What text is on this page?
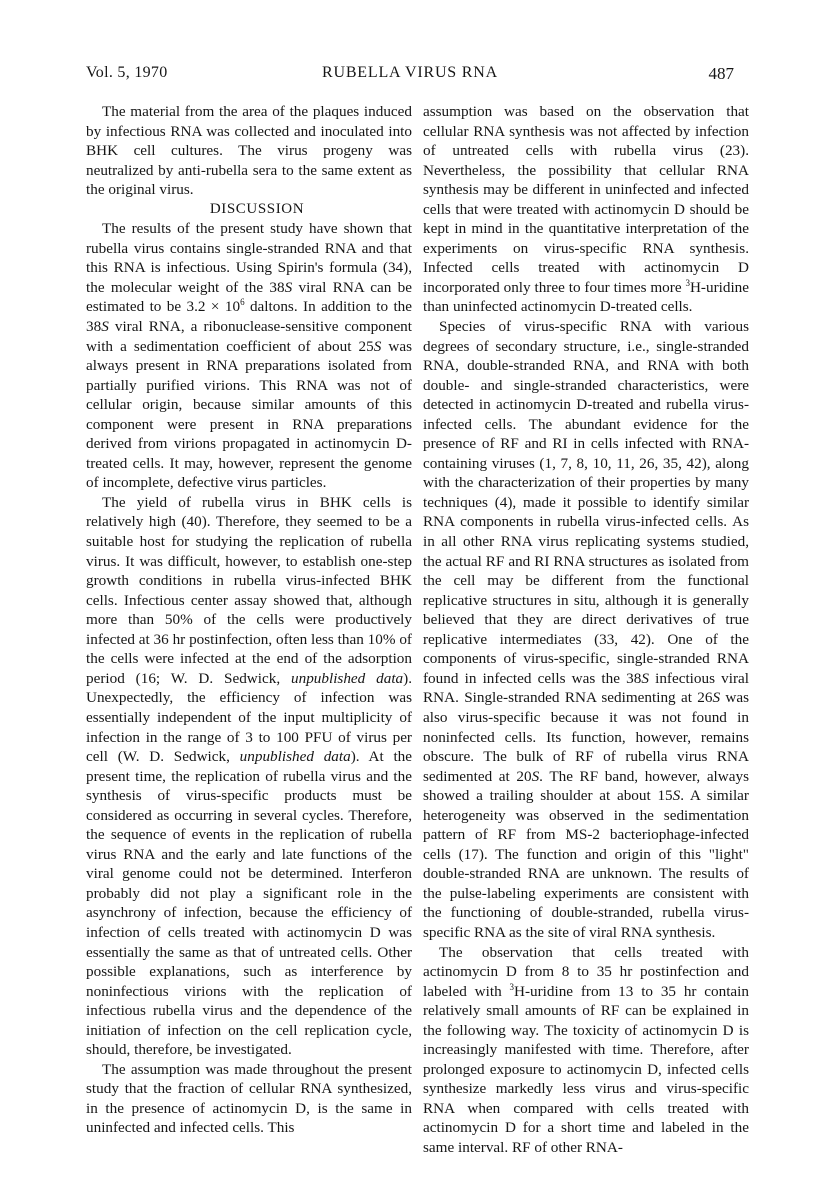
RUBELLA VIRUS RNA
Vol. 5, 1970	487

The material from the area of the plaques induced by infectious RNA was collected and inoculated into BHK cell cultures. The virus progeny was neutralized by anti-rubella sera to the same extent as the original virus.

DISCUSSION

The results of the present study have shown that rubella virus contains single-stranded RNA and that this RNA is infectious. Using Spirin's formula (34), the molecular weight of the 38S viral RNA can be estimated to be $3.2 \times 10^6$ daltons. In addition to the 38S viral RNA, a ribonuclease-sensitive component with a sedimentation coefficient of about 25S was always present in RNA preparations isolated from partially purified virions. This RNA was not of cellular origin, because similar amounts of this component were present in RNA preparations derived from virions propagated in actinomycin D-treated cells. It may, however, represent the genome of incomplete, defective virus particles.

The yield of rubella virus in BHK cells is relatively high (40). Therefore, they seemed to be a suitable host for studying the replication of rubella virus. It was difficult, however, to establish one-step growth conditions in rubella virus-infected BHK cells. Infectious center assay showed that, although more than 50% of the cells were productively infected at 36 hr postinfection, often less than 10% of the cells were infected at the end of the adsorption period (16; W. D. Sedwick, unpublished data). Unexpectedly, the efficiency of infection was essentially independent of the input multiplicity of infection in the range of 3 to 100 PFU of virus per cell (W. D. Sedwick, unpublished data). At the present time, the replication of rubella virus and the synthesis of virus-specific products must be considered as occurring in several cycles. Therefore, the sequence of events in the replication of rubella virus RNA and the early and late functions of the viral genome could not be determined. Interferon probably did not play a significant role in the asynchrony of infection, because the efficiency of infection of cells treated with actinomycin D was essentially the same as that of untreated cells. Other possible explanations, such as interference by noninfectious virions with the replication of infectious rubella virus and the dependence of the initiation of infection on the cell replication cycle, should, therefore, be investigated.

The assumption was made throughout the present study that the fraction of cellular RNA synthesized, in the presence of actinomycin D, is the same in uninfected and infected cells. This

assumption was based on the observation that cellular RNA synthesis was not affected by infection of untreated cells with rubella virus (23). Nevertheless, the possibility that cellular RNA synthesis may be different in uninfected and infected cells that were treated with actinomycin D should be kept in mind in the quantitative interpretation of the experiments on virus-specific RNA synthesis. Infected cells treated with actinomycin D incorporated only three to four times more $^3$H-uridine than uninfected actinomycin D-treated cells.

Species of virus-specific RNA with various degrees of secondary structure, i.e., single-stranded RNA, double-stranded RNA, and RNA with both double- and single-stranded characteristics, were detected in actinomycin D-treated and rubella virus-infected cells. The abundant evidence for the presence of RF and RI in cells infected with RNA-containing viruses (1, 7, 8, 10, 11, 26, 35, 42), along with the characterization of their properties by many techniques (4), made it possible to identify similar RNA components in rubella virus-infected cells. As in all other RNA virus replicating systems studied, the actual RF and RI RNA structures as isolated from the cell may be different from the functional replicative structures in situ, although it is generally believed that they are direct derivatives of true replicative intermediates (33, 42). One of the components of virus-specific, single-stranded RNA found in infected cells was the 38S infectious viral RNA. Single-stranded RNA sedimenting at 26S was also virus-specific because it was not found in noninfected cells. Its function, however, remains obscure. The bulk of RF of rubella virus RNA sedimented at 20S. The RF band, however, always showed a trailing shoulder at about 15S. A similar heterogeneity was observed in the sedimentation pattern of RF from MS-2 bacteriophage-infected cells (17). The function and origin of this "light" double-stranded RNA are unknown. The results of the pulse-labeling experiments are consistent with the functioning of double-stranded, rubella virus-specific RNA as the site of viral RNA synthesis.

The observation that cells treated with actinomycin D from 8 to 35 hr postinfection and labeled with $^3$H-uridine from 13 to 35 hr contain relatively small amounts of RF can be explained in the following way. The toxicity of actinomycin D is increasingly manifested with time. Therefore, after prolonged exposure to actinomycin D, infected cells synthesize markedly less virus and virus-specific RNA when compared with cells treated with actinomycin D for a short time and labeled in the same interval. RF of other RNA-
